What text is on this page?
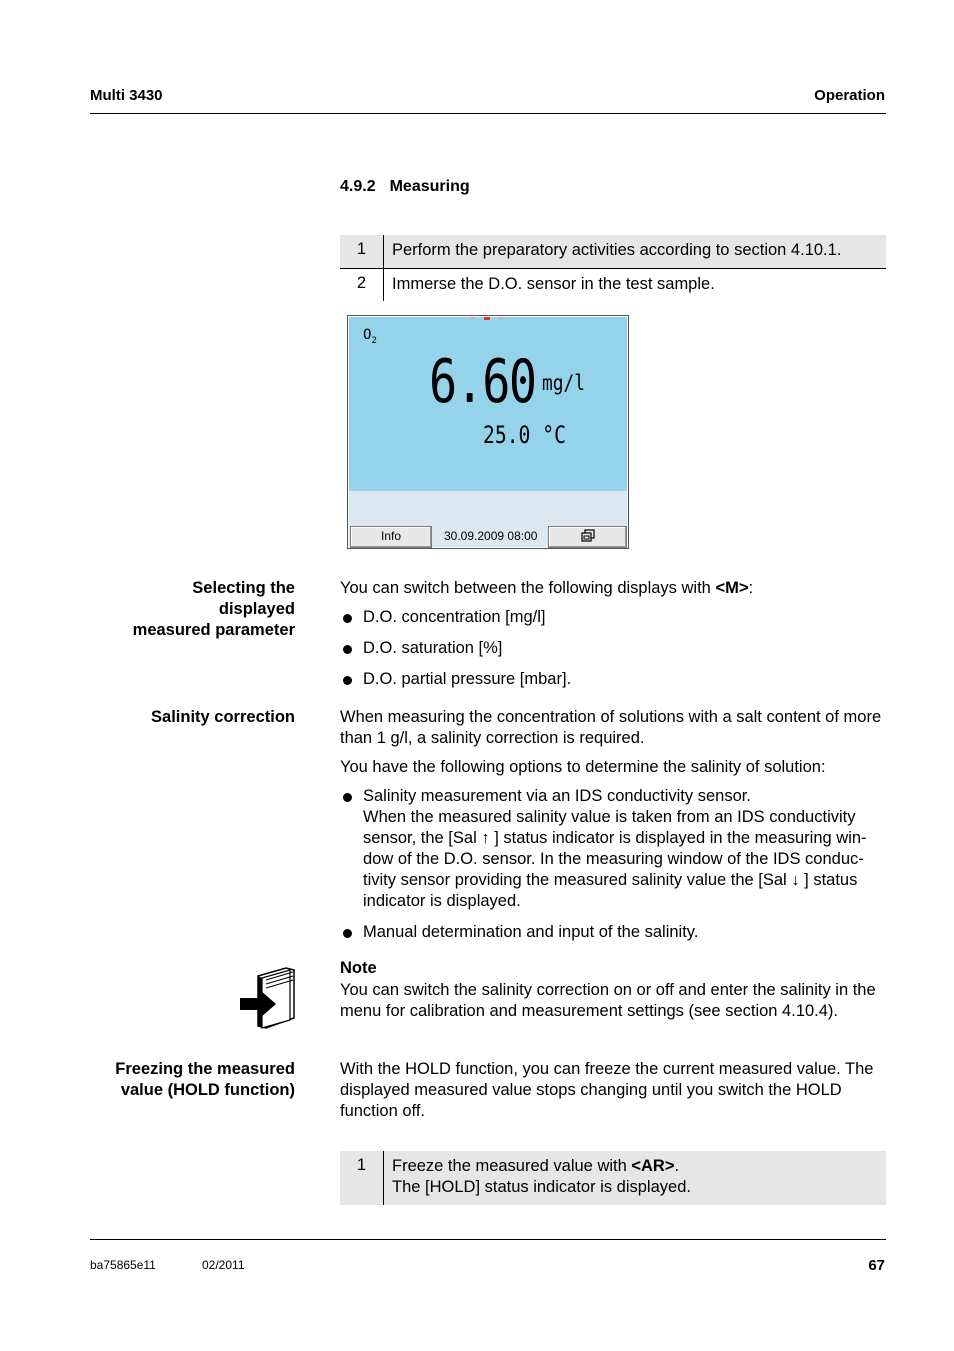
Multi 3430	Operation
4.9.2 Measuring
1	Perform the preparatory activities according to section 4.10.1.
2	Immerse the D.O. sensor in the test sample.
$O_2$
6.60 mg/l
25.0 °C
Info	30.09.2009 08:00
Selecting the
displayed
measured parameter

You can switch between the following displays with <M>:

D.O. concentration [mg/l]
D.O. saturation [%]
D.O. partial pressure [mbar].
Salinity correction	When measuring the concentration of solutions with a salt content of more than 1 g/l, a salinity correction is required.

You have the following options to determine the salinity of solution:

Salinity measurement via an IDS conductivity sensor.
When the measured salinity value is taken from an IDS conductivity sensor, the [Sal ↑ ] status indicator is displayed in the measuring win-dow of the D.O. sensor. In the measuring window of the IDS conduc-tivity sensor providing the measured salinity value the [Sal ↓ ] status indicator is displayed.
Manual determination and input of the salinity.
Note
You can switch the salinity correction on or off and enter the salinity in the menu for calibration and measurement settings (see section 4.10.4).
Freezing the measured
value (HOLD function)
With the HOLD function, you can freeze the current measured value. The displayed measured value stops changing until you switch the HOLD function off.
1	Freeze the measured value with <AR>.
The [HOLD] status indicator is displayed.
ba75865e11	02/2011	67
